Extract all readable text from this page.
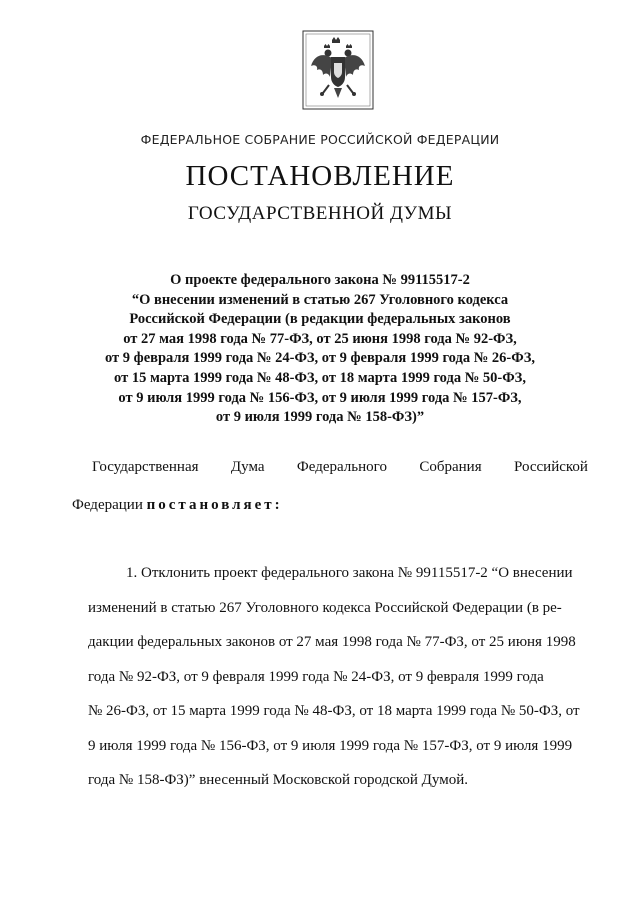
ФЕДЕРАЛЬНОЕ СОБРАНИЕ РОССИЙСКОЙ ФЕДЕРАЦИИ
ПОСТАНОВЛЕНИЕ
ГОСУДАРСТВЕННОЙ ДУМЫ
О проекте федерального закона № 99115517-2
“О внесении изменений в статью 267 Уголовного кодекса
Российской Федерации (в редакции федеральных законов
от 27 мая 1998 года № 77-ФЗ, от 25 июня 1998 года № 92-ФЗ,
от 9 февраля 1999 года № 24-ФЗ, от 9 февраля 1999 года № 26-ФЗ,
от 15 марта 1999 года № 48-ФЗ, от 18 марта 1999 года № 50-ФЗ,
от 9 июля 1999 года № 156-ФЗ, от 9 июля 1999 года № 157-ФЗ,
от 9 июля 1999 года № 158-ФЗ)”
Государственная Дума Федерального Собрания Российской
Федерации постановляет:
1. Отклонить проект федерального закона № 99115517-2 “О внесении
изменений в статью 267 Уголовного кодекса Российской Федерации (в ре-
дакции федеральных законов от 27 мая 1998 года № 77-ФЗ, от 25 июня 1998
года № 92-ФЗ, от 9 февраля 1999 года № 24-ФЗ, от 9 февраля 1999 года
№ 26-ФЗ, от 15 марта 1999 года № 48-ФЗ, от 18 марта 1999 года № 50-ФЗ, от
9 июля 1999 года № 156-ФЗ, от 9 июля 1999 года № 157-ФЗ, от 9 июля 1999
года № 158-ФЗ)” внесенный Московской городской Думой.
